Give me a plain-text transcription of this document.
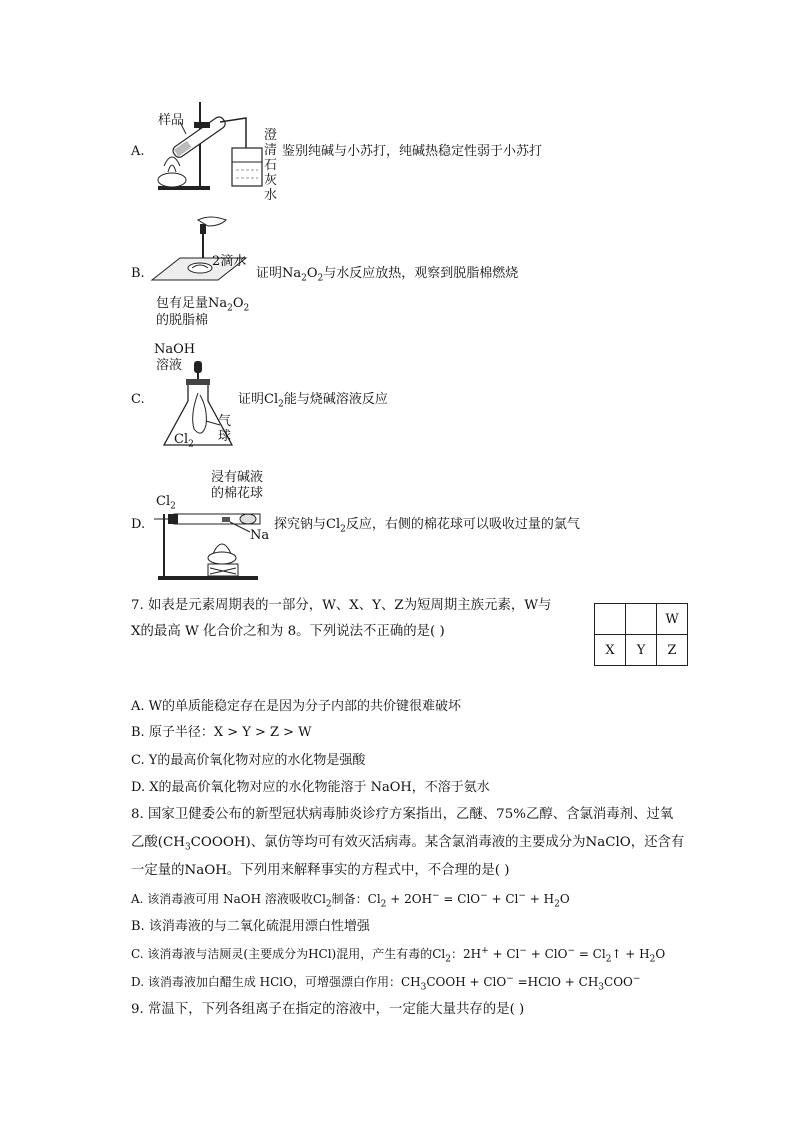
A.
样品
澄
清
石
灰
水
鉴别纯碱与小苏打，纯碱热稳定性弱于小苏打
B.
2滴水
包有足量$Na_2O_2$
的脱脂棉
证明$Na_2O_2$与水反应放热，观察到脱脂棉燃烧
C.
NaOH
溶液
气
球
$Cl_2$
证明$Cl_2$能与烧碱溶液反应
D.
浸有碱液
的棉花球
$Cl_2$
Na
探究钠与$Cl_2$反应，右侧的棉花球可以吸收过量的氯气
7. 如表是元素周期表的一部分，W、X、Y、Z为短周期主族元素，W与
X的最高 W 化合价之和为 8。下列说法不正确的是( )
		W
X	Y	Z
A. W的单质能稳定存在是因为分子内部的共价键很难破坏
B. 原子半径：X > Y > Z > W
C. Y的最高价氧化物对应的水化物是强酸
D. X的最高价氧化物对应的水化物能溶于 NaOH，不溶于氨水
8. 国家卫健委公布的新型冠状病毒肺炎诊疗方案指出，乙醚、75%乙醇、含氯消毒剂、过氧
乙酸$(CH_3COOOH)$、氯仿等均可有效灭活病毒。某含氯消毒液的主要成分为NaClO，还含有
一定量的NaOH。下列用来解释事实的方程式中，不合理的是( )
A. 该消毒液可用 NaOH 溶液吸收$Cl_2$制备：$Cl_2 + 2OH^- = ClO^- + Cl^- + H_2O$
B. 该消毒液的与二氧化硫混用漂白性增强
C. 该消毒液与洁厕灵(主要成分为HCl)混用，产生有毒的$Cl_2$：$2H^+ + Cl^- + ClO^- = Cl_2↑ + H_2O$
D. 该消毒液加白醋生成 HClO，可增强漂白作用：$CH_3COOH + ClO^-$ =HClO + $CH_3COO^-$
9. 常温下，下列各组离子在指定的溶液中，一定能大量共存的是( )
